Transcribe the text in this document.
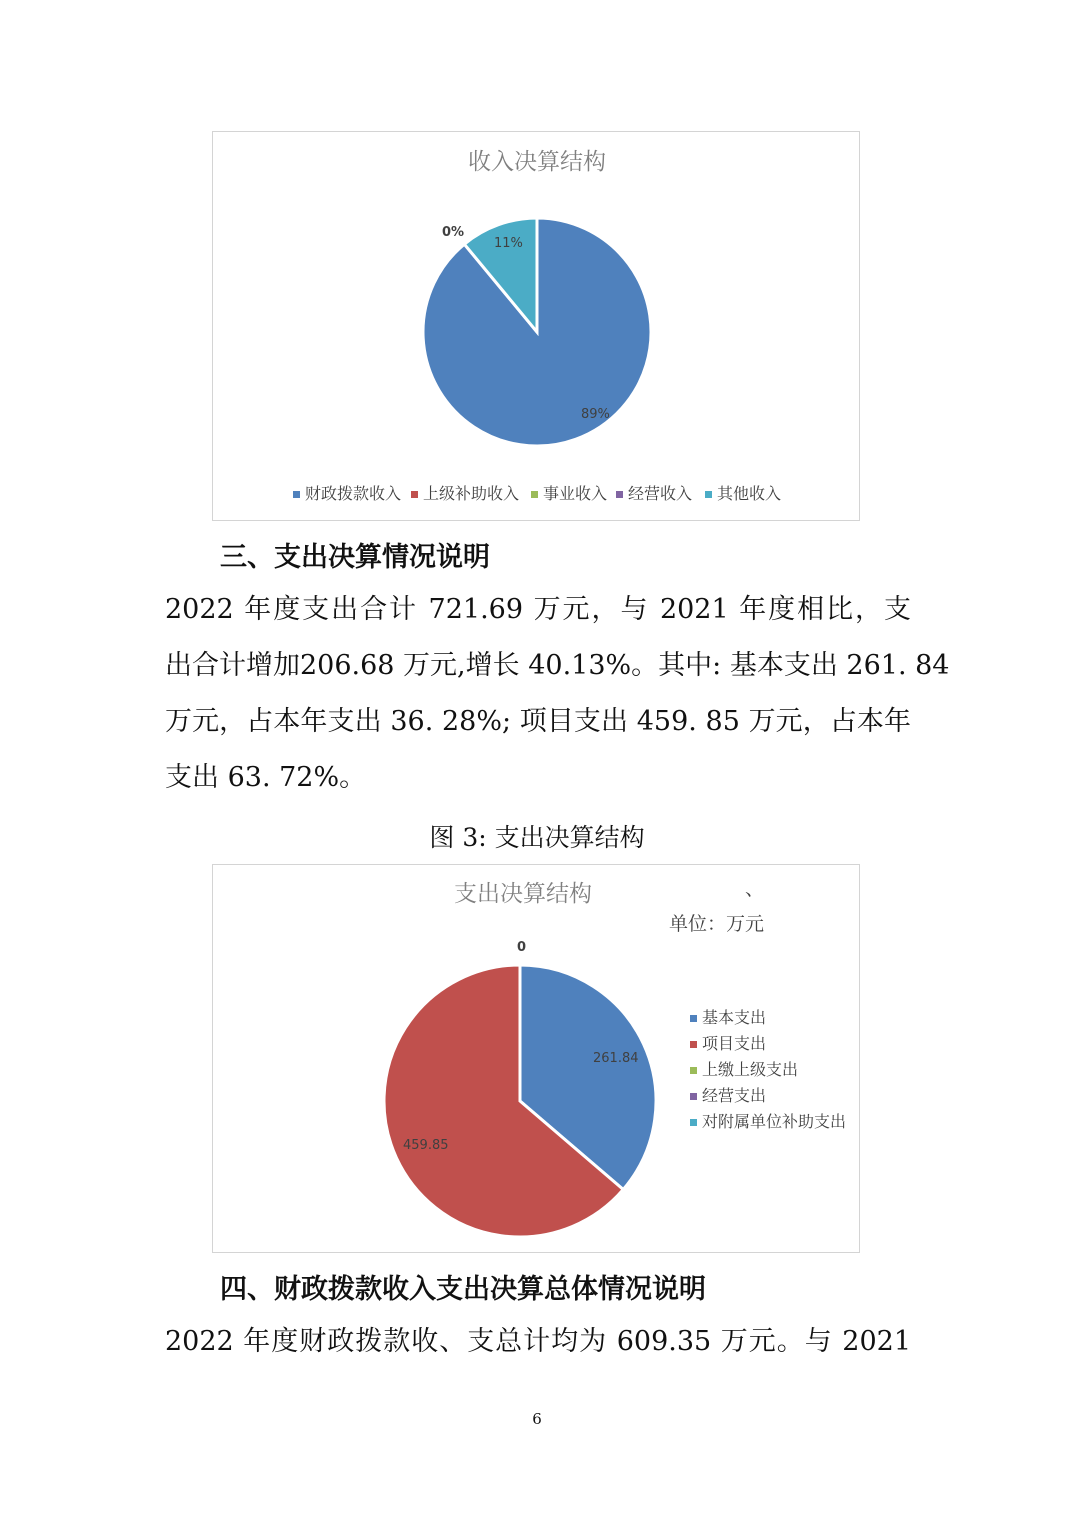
收入决算结构
89%
0%
11%
财政拨款收入 上级补助收入 事业收入 经营收入 其他收入
三、支出决算情况说明
2022 年度支出合计 721.69 万元，与 2021 年度相比，支
出合计增加206.68 万元,增长 40.13%。其中: 基本支出 261. 84
万元，占本年支出 36. 28%; 项目支出 459. 85 万元，占本年
支出 63. 72%。

图 3: 支出决算结构

支出决算结构	、
单位：万元
261.84
459.85
0
基本支出
项目支出
上缴上级支出
经营支出
对附属单位补助支出
四、财政拨款收入支出决算总体情况说明
2022 年度财政拨款收、支总计均为 609.35 万元。与 2021

6
